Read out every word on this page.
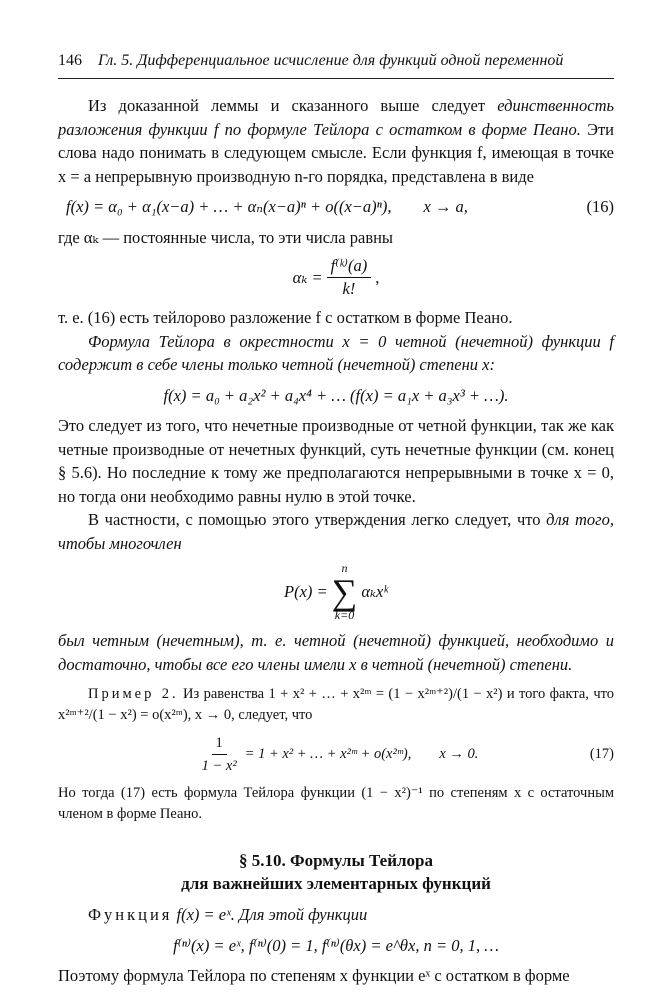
146 Гл. 5. Дифференциальное исчисление для функций одной переменной

Из доказанной леммы и сказанного выше следует единственность разложения функции f по формуле Тейлора с остатком в форме Пеано. Эти слова надо понимать в следующем смысле. Если функция f, имеющая в точке x = a непрерывную производную n-го порядка, представлена в виде

f(x) = α₀ + α₁(x−a) + … + αₙ(x−a)ⁿ + o((x−a)ⁿ), x → a,	(16)

где αₖ — постоянные числа, то эти числа равны

$\alpha_k = \frac{\text{f⁽ᵏ⁾(a)}}{k!}$ ,

т. е. (16) есть тейлорово разложение f с остатком в форме Пеано.

Формула Тейлора в окрестности x = 0 четной (нечетной) функции f содержит в себе члены только четной (нечетной) степени x:

f(x) = a₀ + a₂x² + a₄x⁴ + … (f(x) = a₁x + a₃x³ + …).

Это следует из того, что нечетные производные от четной функции, так же как четные производные от нечетных функций, суть нечетные функции (см. конец § 5.6). Но последние к тому же предполагаются непрерывными в точке x = 0, но тогда они необходимо равны нулю в этой точке.

В частности, с помощью этого утверждения легко следует, что для того, чтобы многочлен

P(x) =
n
∑
k=0
αₖxᵏ

был четным (нечетным), т. е. четной (нечетной) функцией, необходимо и достаточно, чтобы все его члены имели x в четной (нечетной) степени.

Пример 2. Из равенства 1 + x² + … + x²ᵐ = (1 − x²ᵐ⁺²)/(1 − x²) и того факта, что x²ᵐ⁺²/(1 − x²) = o(x²ᵐ), x → 0, следует, что

$\frac{1}{\text{1 − x²}} = 1 + x^2$ + … + x²ᵐ + o(x²ᵐ), x → 0.	(17)

Но тогда (17) есть формула Тейлора функции (1 − x²)⁻¹ по степеням x с остаточным членом в форме Пеано.

§ 5.10. Формулы Тейлора
для важнейших элементарных функций

Функция f(x) = eˣ. Для этой функции

f⁽ⁿ⁾(x) = eˣ, f⁽ⁿ⁾(0) = 1, f⁽ⁿ⁾(θx) = e^θx, n = 0, 1, …

Поэтому формула Тейлора по степеням x функции eˣ с остатком в форме
